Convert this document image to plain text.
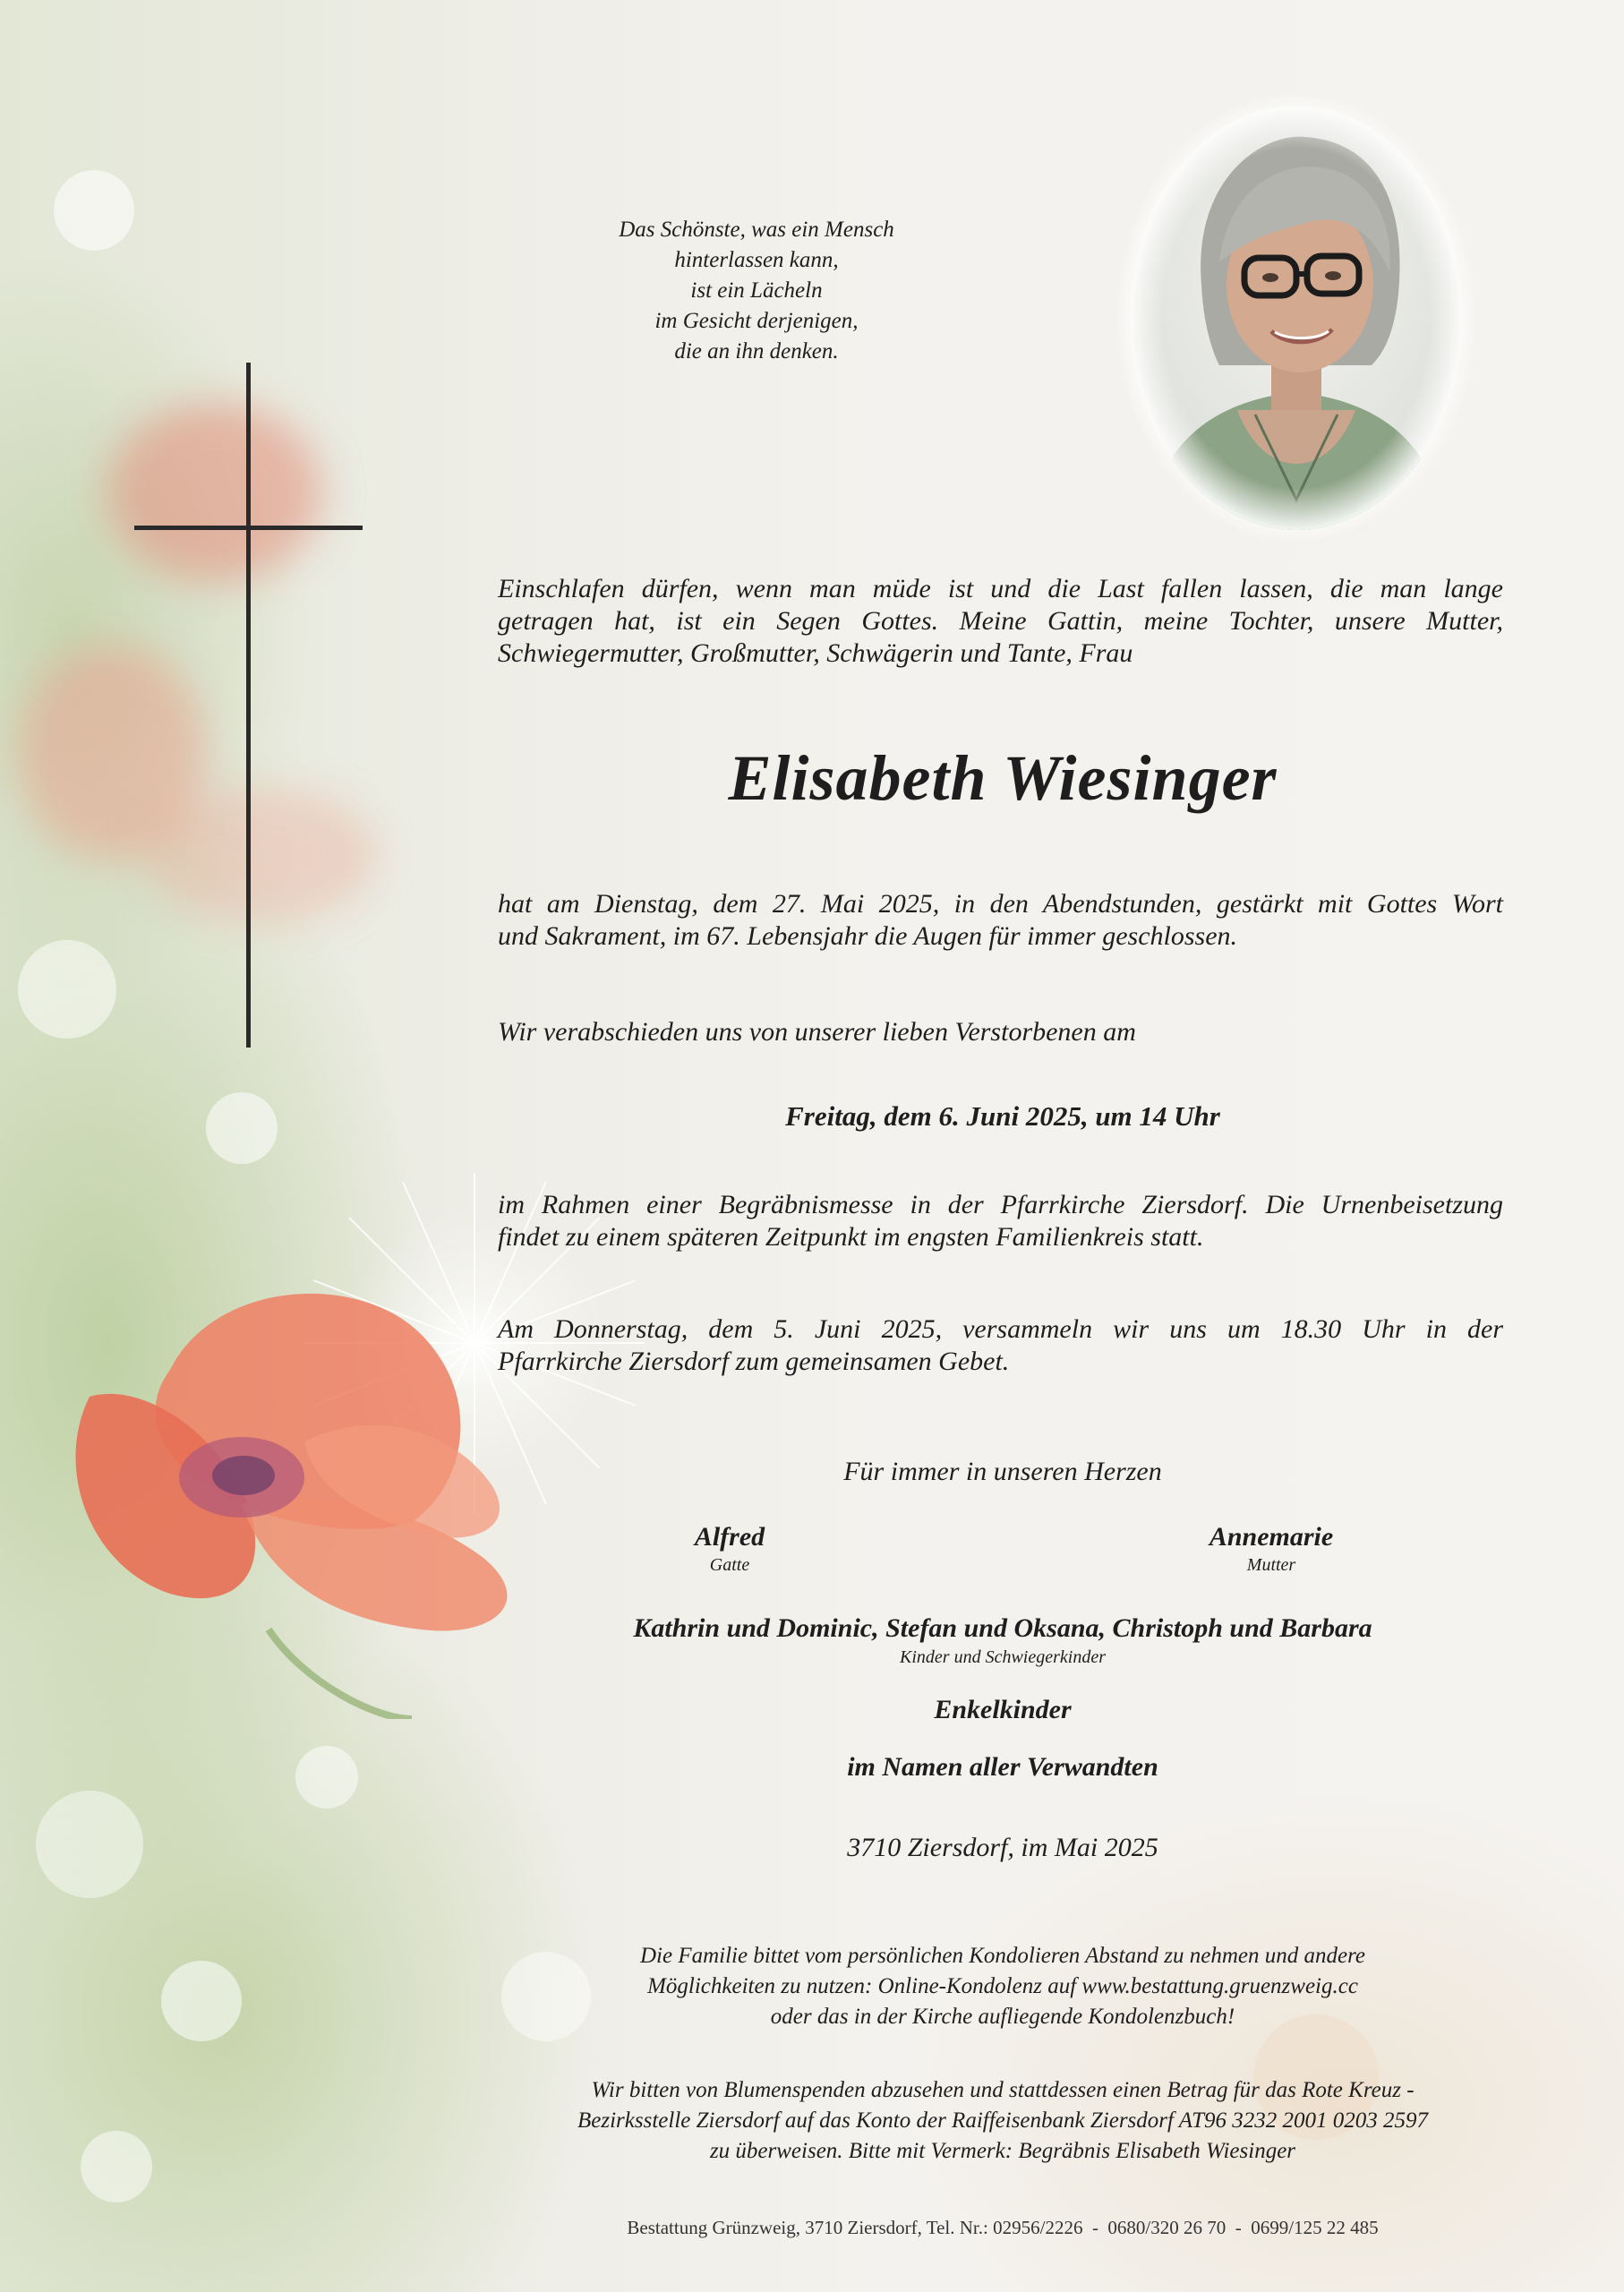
Das Schönste, was ein Mensch
hinterlassen kann,
ist ein Lächeln
im Gesicht derjenigen,
die an ihn denken.
Einschlafen dürfen, wenn man müde ist und die Last fallen lassen, die man lange
getragen hat, ist ein Segen Gottes. Meine Gattin, meine Tochter, unsere Mutter,
Schwiegermutter, Großmutter, Schwägerin und Tante, Frau
Elisabeth Wiesinger
hat am Dienstag, dem 27. Mai 2025, in den Abendstunden, gestärkt mit Gottes Wort
und Sakrament, im 67. Lebensjahr die Augen für immer geschlossen.
Wir verabschieden uns von unserer lieben Verstorbenen am
Freitag, dem 6. Juni 2025, um 14 Uhr
im Rahmen einer Begräbnismesse in der Pfarrkirche Ziersdorf. Die Urnenbeisetzung
findet zu einem späteren Zeitpunkt im engsten Familienkreis statt.
Am Donnerstag, dem 5. Juni 2025, versammeln wir uns um 18.30 Uhr in der
Pfarrkirche Ziersdorf zum gemeinsamen Gebet.
Für immer in unseren Herzen
Alfred
Gatte
Annemarie
Mutter
Kathrin und Dominic, Stefan und Oksana, Christoph und Barbara
Kinder und Schwiegerkinder
Enkelkinder
im Namen aller Verwandten
3710 Ziersdorf, im Mai 2025
Die Familie bittet vom persönlichen Kondolieren Abstand zu nehmen und andere
Möglichkeiten zu nutzen: Online-Kondolenz auf www.bestattung.gruenzweig.cc
oder das in der Kirche aufliegende Kondolenzbuch!
Wir bitten von Blumenspenden abzusehen und stattdessen einen Betrag für das Rote Kreuz -
Bezirksstelle Ziersdorf auf das Konto der Raiffeisenbank Ziersdorf AT96 3232 2001 0203 2597
zu überweisen. Bitte mit Vermerk: Begräbnis Elisabeth Wiesinger
Bestattung Grünzweig, 3710 Ziersdorf, Tel. Nr.: 02956/2226  -  0680/320 26 70  -  0699/125 22 485
